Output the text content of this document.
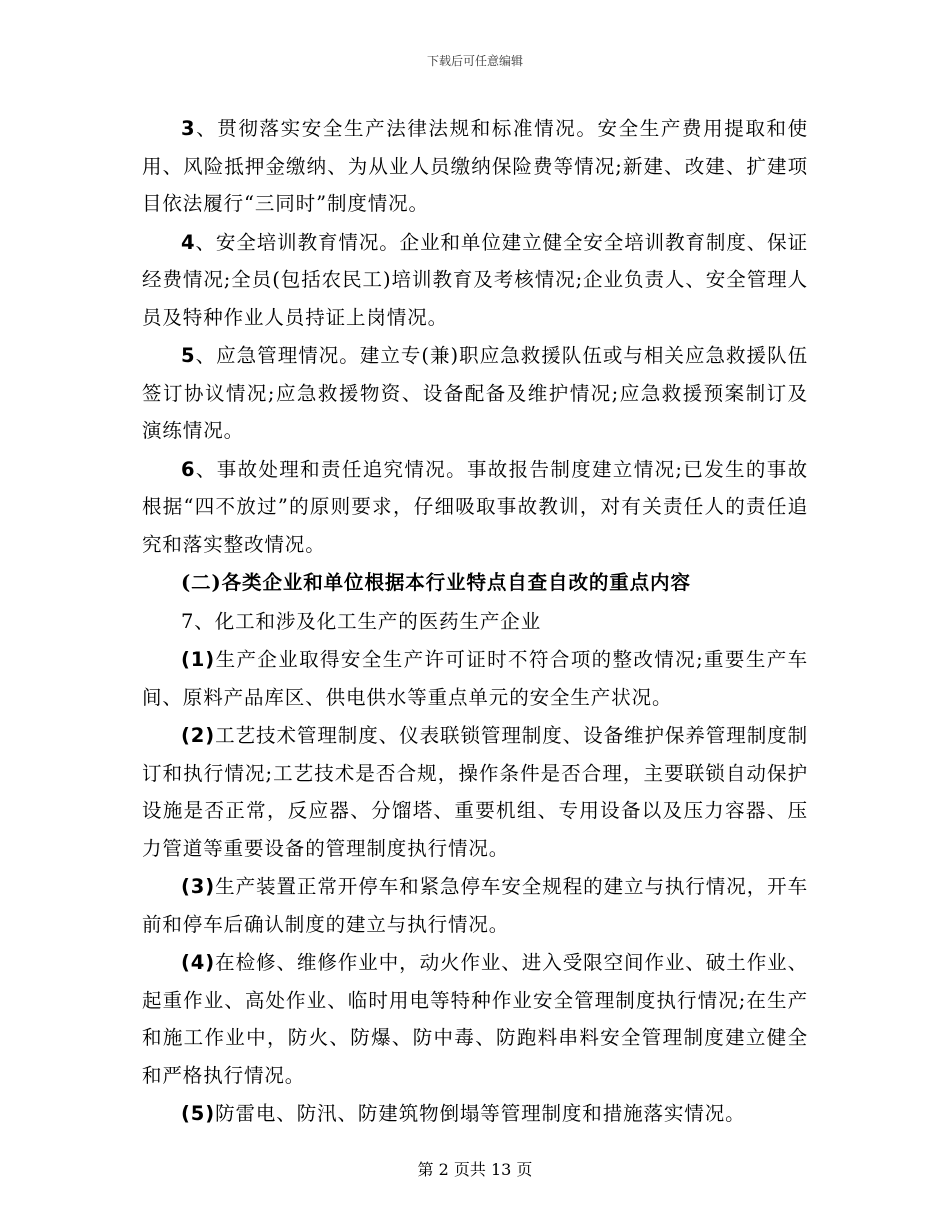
下载后可任意编辑

3、贯彻落实安全生产法律法规和标准情况。安全生产费用提取和使用、风险抵押金缴纳、为从业人员缴纳保险费等情况;新建、改建、扩建项目依法履行“三同时”制度情况。

4、安全培训教育情况。企业和单位建立健全安全培训教育制度、保证经费情况;全员(包括农民工)培训教育及考核情况;企业负责人、安全管理人员及特种作业人员持证上岗情况。

5、应急管理情况。建立专(兼)职应急救援队伍或与相关应急救援队伍签订协议情况;应急救援物资、设备配备及维护情况;应急救援预案制订及演练情况。

6、事故处理和责任追究情况。事故报告制度建立情况;已发生的事故根据“四不放过”的原则要求，仔细吸取事故教训，对有关责任人的责任追究和落实整改情况。

(二)各类企业和单位根据本行业特点自查自改的重点内容

7、化工和涉及化工生产的医药生产企业

(1)生产企业取得安全生产许可证时不符合项的整改情况;重要生产车间、原料产品库区、供电供水等重点单元的安全生产状况。

(2)工艺技术管理制度、仪表联锁管理制度、设备维护保养管理制度制订和执行情况;工艺技术是否合规，操作条件是否合理，主要联锁自动保护设施是否正常，反应器、分馏塔、重要机组、专用设备以及压力容器、压力管道等重要设备的管理制度执行情况。

(3)生产装置正常开停车和紧急停车安全规程的建立与执行情况，开车前和停车后确认制度的建立与执行情况。

(4)在检修、维修作业中，动火作业、进入受限空间作业、破土作业、起重作业、高处作业、临时用电等特种作业安全管理制度执行情况;在生产和施工作业中，防火、防爆、防中毒、防跑料串料安全管理制度建立健全和严格执行情况。

(5)防雷电、防汛、防建筑物倒塌等管理制度和措施落实情况。

第 2 页共 13 页
